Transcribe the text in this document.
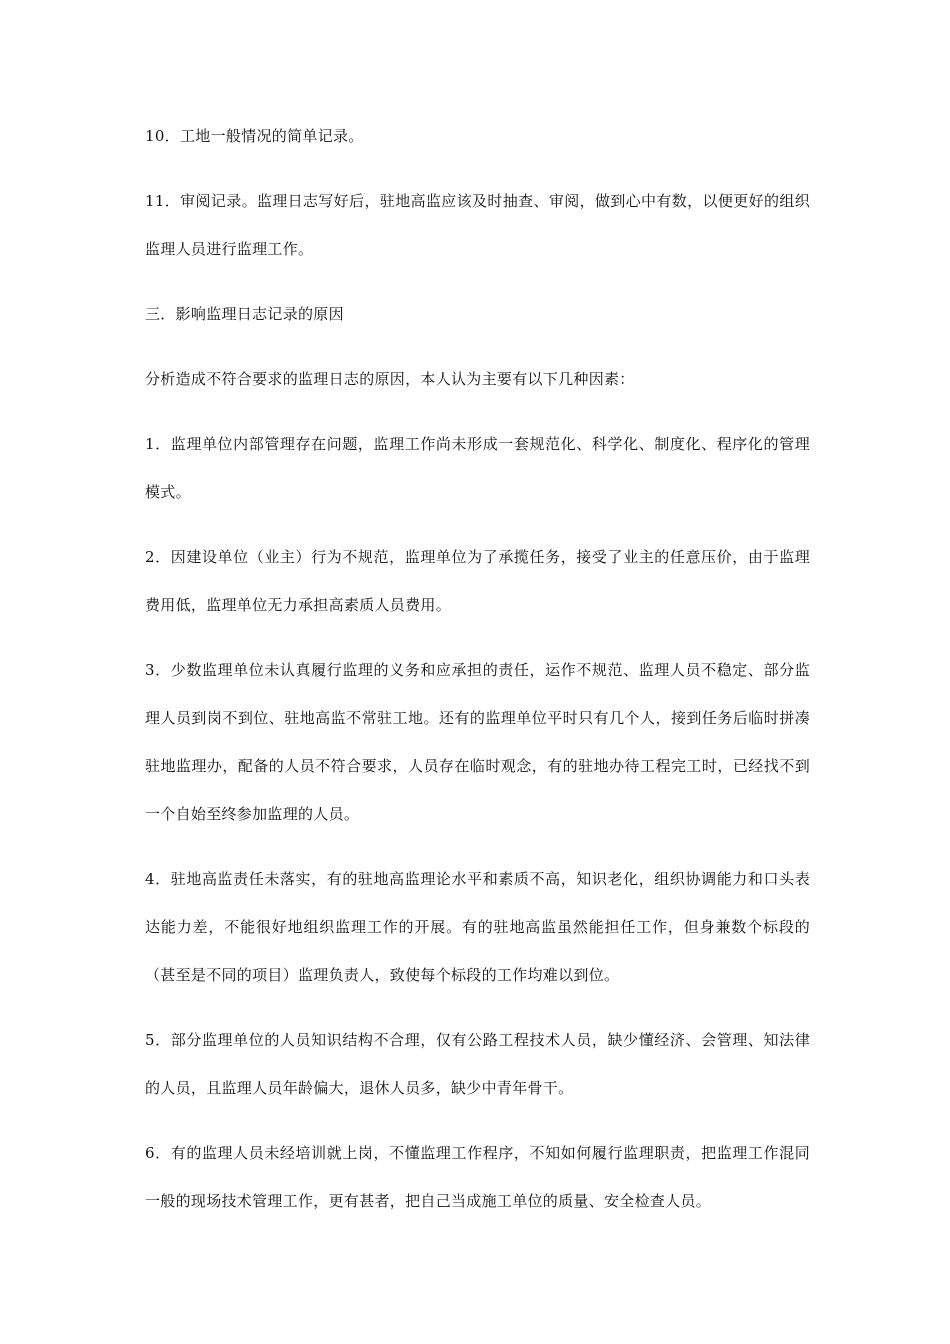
10．工地一般情况的简单记录。

11．审阅记录。监理日志写好后，驻地高监应该及时抽查、审阅，做到心中有数，以便更好的组织监理人员进行监理工作。

三．影响监理日志记录的原因

分析造成不符合要求的监理日志的原因，本人认为主要有以下几种因素：

1．监理单位内部管理存在问题，监理工作尚未形成一套规范化、科学化、制度化、程序化的管理模式。

2．因建设单位（业主）行为不规范，监理单位为了承揽任务，接受了业主的任意压价，由于监理费用低，监理单位无力承担高素质人员费用。

3．少数监理单位未认真履行监理的义务和应承担的责任，运作不规范、监理人员不稳定、部分监理人员到岗不到位、驻地高监不常驻工地。还有的监理单位平时只有几个人，接到任务后临时拼凑驻地监理办，配备的人员不符合要求，人员存在临时观念，有的驻地办待工程完工时，已经找不到一个自始至终参加监理的人员。

4．驻地高监责任未落实，有的驻地高监理论水平和素质不高，知识老化，组织协调能力和口头表达能力差，不能很好地组织监理工作的开展。有的驻地高监虽然能担任工作，但身兼数个标段的（甚至是不同的项目）监理负责人，致使每个标段的工作均难以到位。

5．部分监理单位的人员知识结构不合理，仅有公路工程技术人员，缺少懂经济、会管理、知法律的人员，且监理人员年龄偏大，退休人员多，缺少中青年骨干。

6．有的监理人员未经培训就上岗，不懂监理工作程序，不知如何履行监理职责，把监理工作混同一般的现场技术管理工作，更有甚者，把自己当成施工单位的质量、安全检查人员。
